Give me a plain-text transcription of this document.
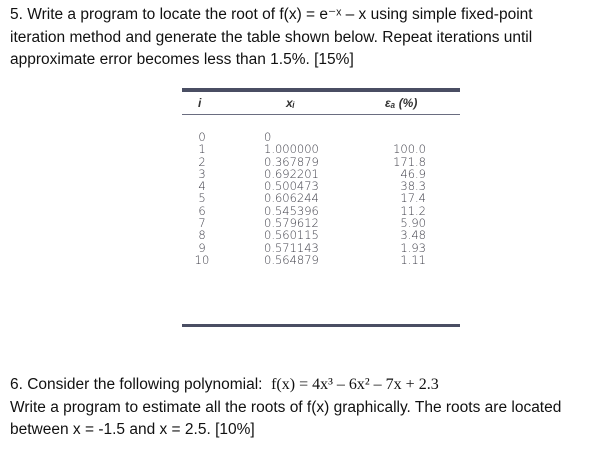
5. Write a program to locate the root of f(x) = e⁻ˣ – x using simple fixed-point

iteration method and generate the table shown below. Repeat iterations until

approximate error becomes less than 1.5%. [15%]

i	xᵢ	εₐ (%)
0
1
2
3
4
5
6
7
8
9
10
0
1.000000
0.367879
0.692201
0.500473
0.606244
0.545396
0.579612
0.560115
0.571143
0.564879
100.0
171.8
46.9
38.3
17.4
11.2
5.90
3.48
1.93
1.11

6. Consider the following polynomial: f(x) = 4x³ – 6x² – 7x + 2.3

Write a program to estimate all the roots of f(x) graphically. The roots are located

between x = -1.5 and x = 2.5. [10%]
